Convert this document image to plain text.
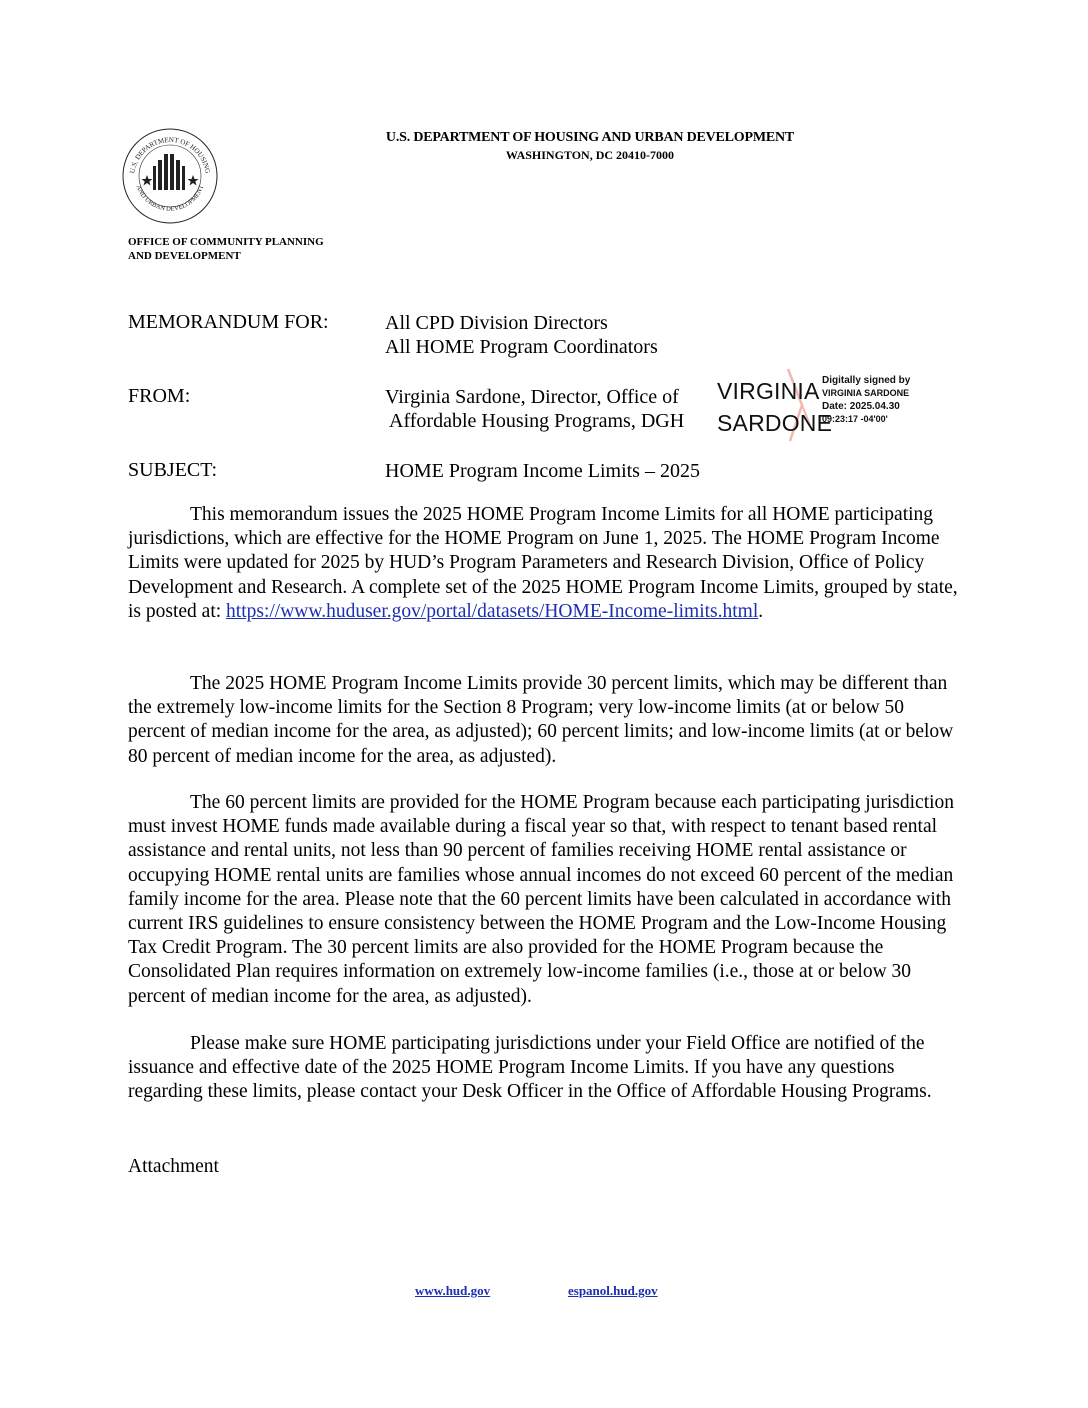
U.S. DEPARTMENT OF HOUSING
AND URBAN DEVELOPMENT
U.S. DEPARTMENT OF HOUSING AND URBAN DEVELOPMENT
WASHINGTON, DC 20410-7000
OFFICE OF COMMUNITY PLANNING
AND DEVELOPMENT
MEMORANDUM FOR:	All CPD Division Directors
All HOME Program Coordinators
FROM:	Virginia Sardone, Director, Office of
Affordable Housing Programs, DGH
VIRGINIA
SARDONE
Digitally signed by
VIRGINIA SARDONE
Date: 2025.04.30
09:23:17 -04'00'
SUBJECT:	HOME Program Income Limits – 2025

This memorandum issues the 2025 HOME Program Income Limits for all HOME participating jurisdictions, which are effective for the HOME Program on June 1, 2025. The HOME Program Income Limits were updated for 2025 by HUD’s Program Parameters and Research Division, Office of Policy Development and Research. A complete set of the 2025 HOME Program Income Limits, grouped by state, is posted at: https://www.huduser.gov/portal/datasets/HOME-Income-limits.html.

The 2025 HOME Program Income Limits provide 30 percent limits, which may be different than the extremely low-income limits for the Section 8 Program; very low-income limits (at or below 50 percent of median income for the area, as adjusted); 60 percent limits; and low-income limits (at or below 80 percent of median income for the area, as adjusted).

The 60 percent limits are provided for the HOME Program because each participating jurisdiction must invest HOME funds made available during a fiscal year so that, with respect to tenant based rental assistance and rental units, not less than 90 percent of families receiving HOME rental assistance or occupying HOME rental units are families whose annual incomes do not exceed 60 percent of the median family income for the area. Please note that the 60 percent limits have been calculated in accordance with current IRS guidelines to ensure consistency between the HOME Program and the Low-Income Housing Tax Credit Program. The 30 percent limits are also provided for the HOME Program because the Consolidated Plan requires information on extremely low-income families (i.e., those at or below 30 percent of median income for the area, as adjusted).

Please make sure HOME participating jurisdictions under your Field Office are notified of the issuance and effective date of the 2025 HOME Program Income Limits. If you have any questions regarding these limits, please contact your Desk Officer in the Office of Affordable Housing Programs.

Attachment
www.hud.gov	espanol.hud.gov
